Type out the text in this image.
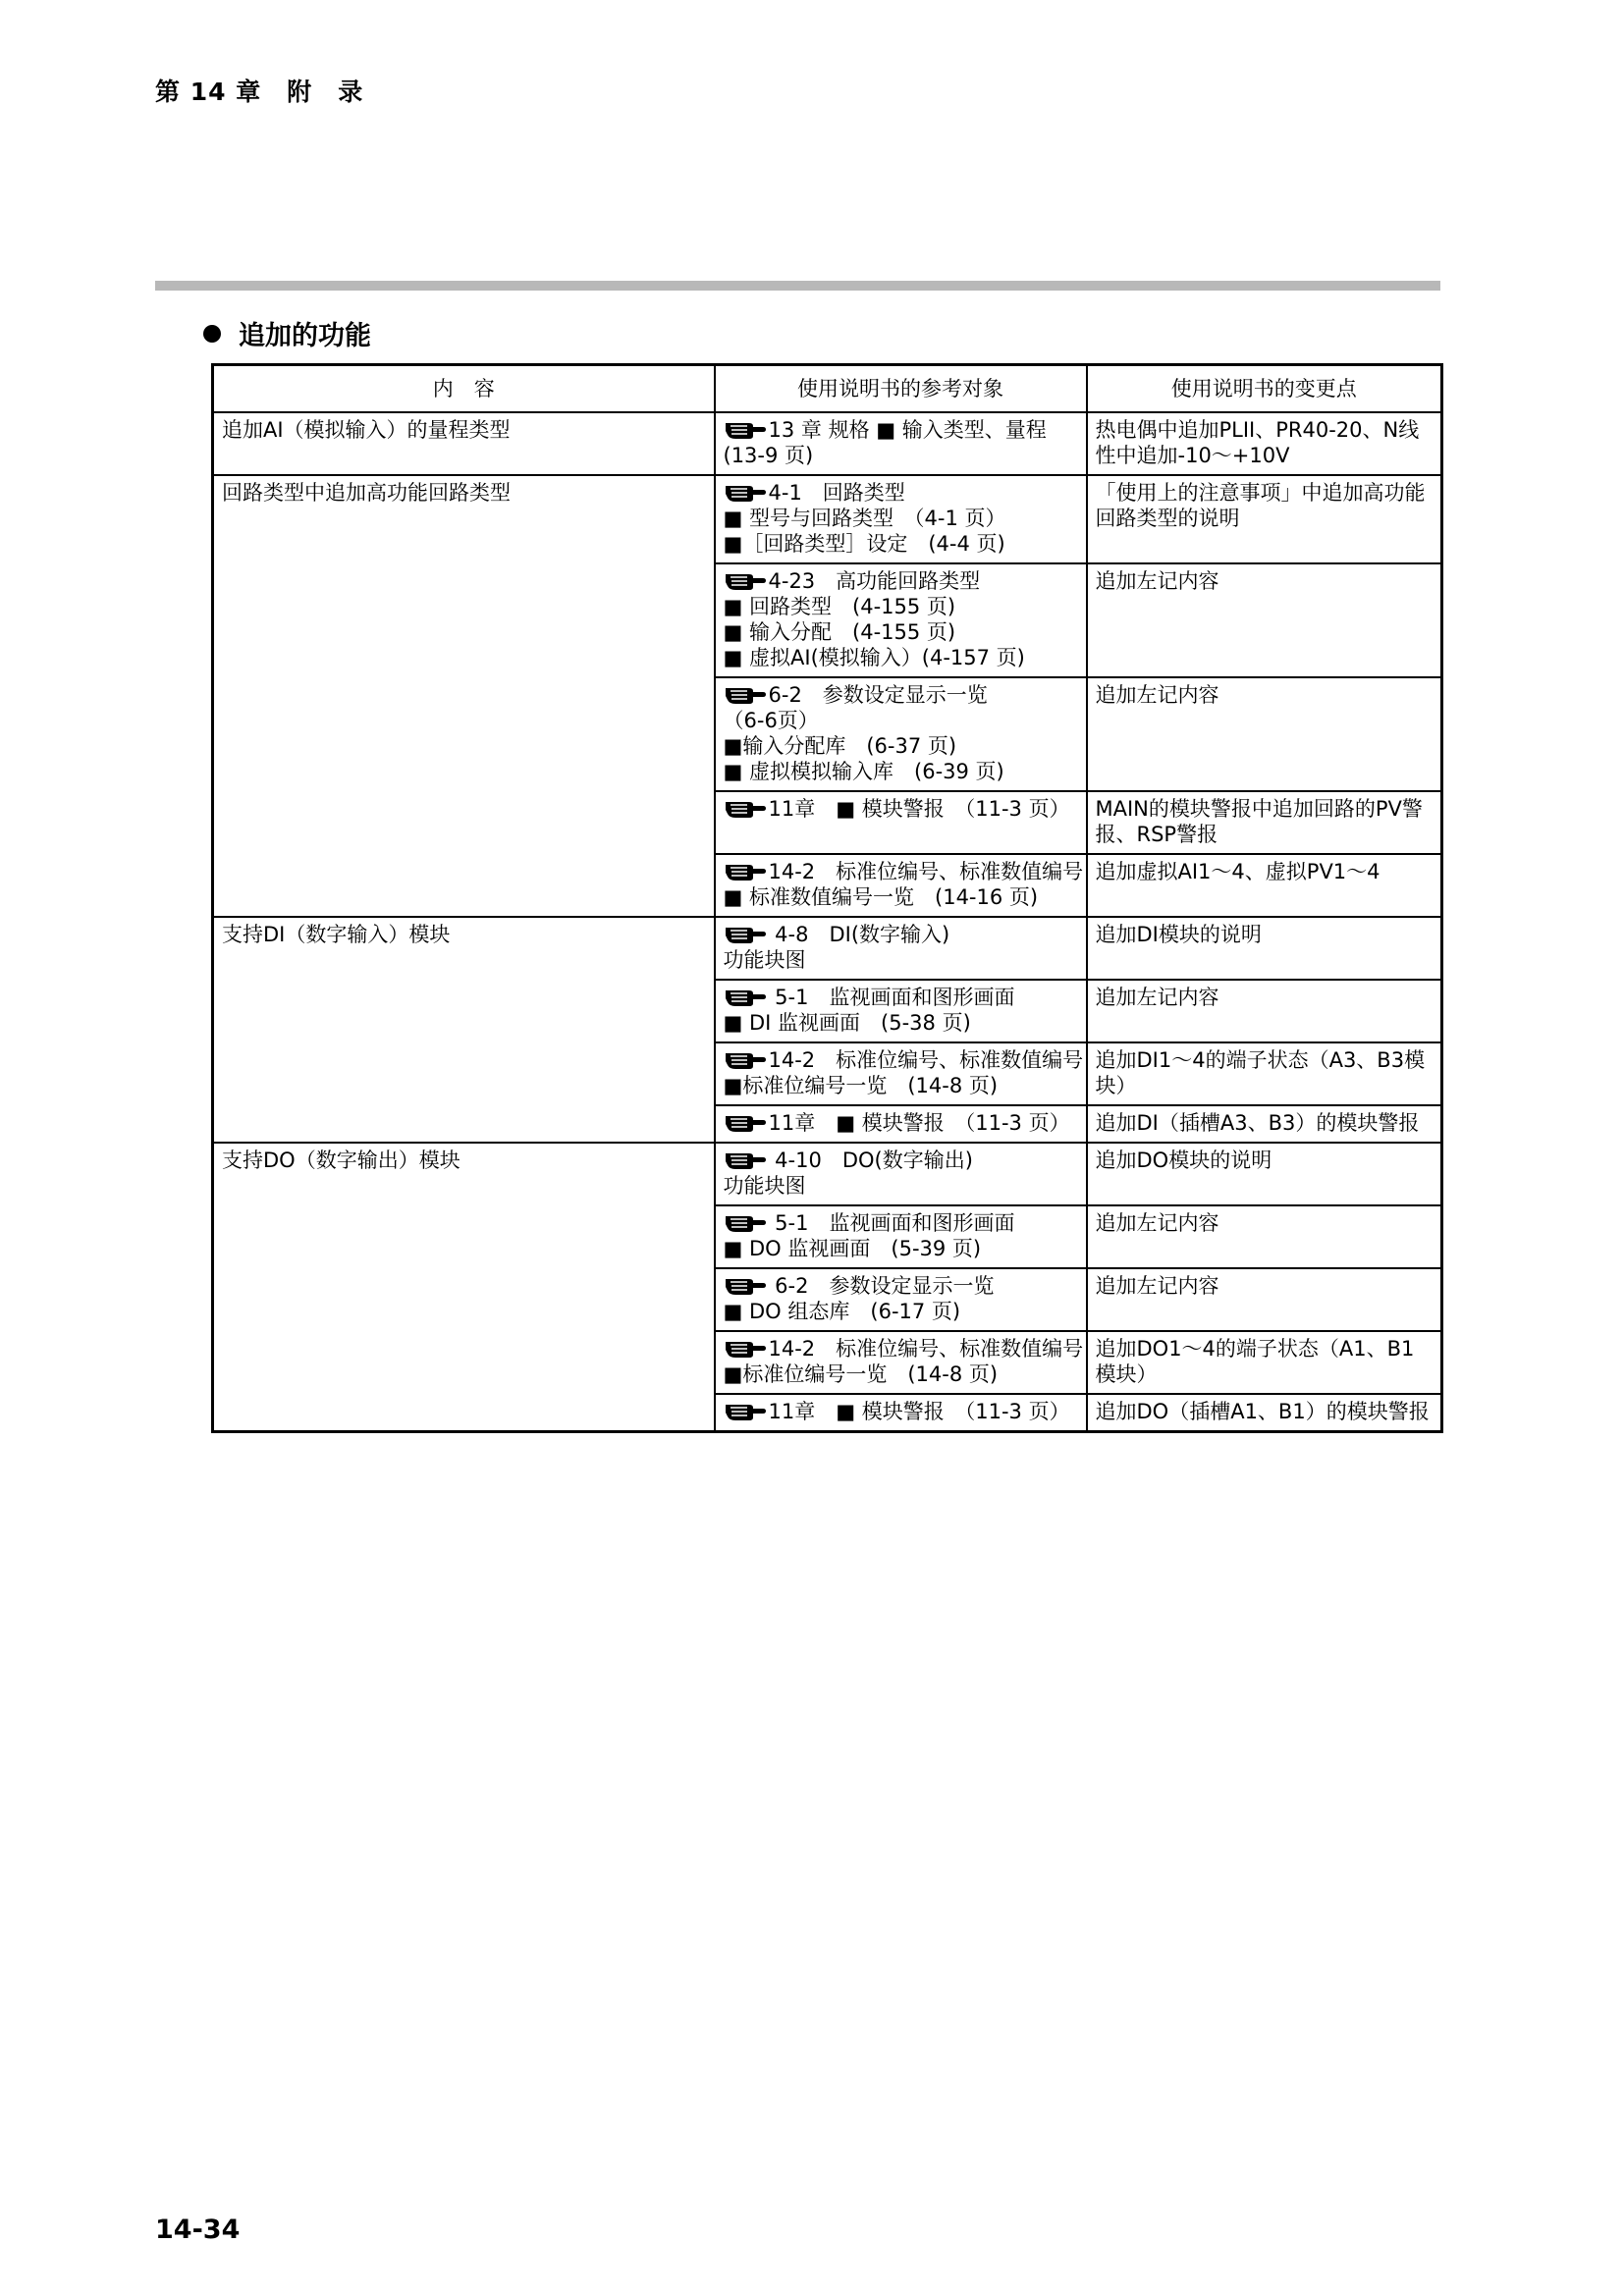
第 14 章　附　录
追加的功能
内　容	使用说明书的参考对象	使用说明书的变更点
追加AI（模拟输入）的量程类型	13 章 规格 ■ 输入类型、量程
(13-9 页)	热电偶中追加PLII、PR40-20、N线性中追加-10～+10V
回路类型中追加高功能回路类型	4-1　回路类型
■ 型号与回路类型　（4-1 页）
■［回路类型］设定　(4-4 页)	「使用上的注意事项」中追加高功能回路类型的说明

	4-23　高功能回路类型
■ 回路类型　(4-155 页)
■ 输入分配　(4-155 页)
■ 虚拟AI(模拟输入）(4-157 页)	追加左记内容

	6-2　参数设定显示一览
（6-6页）
■输入分配库　(6-37 页)
■ 虚拟模拟输入库　(6-39 页)	追加左记内容

	11章　■ 模块警报　（11-3 页）	MAIN的模块警报中追加回路的PV警报、RSP警报

	14-2　标准位编号、标准数值编号
■ 标准数值编号一览　(14-16 页)	追加虚拟AI1～4、虚拟PV1～4
支持DI（数字输入）模块	4-8　DI(数字输入)
功能块图	追加DI模块的说明

	5-1　监视画面和图形画面
■ DI 监视画面　(5-38 页)	追加左记内容

	14-2　标准位编号、标准数值编号
■标准位编号一览　(14-8 页)	追加DI1～4的端子状态（A3、B3模块）

	11章　■ 模块警报　（11-3 页）	追加DI（插槽A3、B3）的模块警报
支持DO（数字输出）模块	4-10　DO(数字输出)
功能块图	追加DO模块的说明

	5-1　监视画面和图形画面
■ DO 监视画面　(5-39 页)	追加左记内容

	6-2　参数设定显示一览
■ DO 组态库　(6-17 页)	追加左记内容

	14-2　标准位编号、标准数值编号
■标准位编号一览　(14-8 页)	追加DO1～4的端子状态（A1、B1模块）

	11章　■ 模块警报　（11-3 页）	追加DO（插槽A1、B1）的模块警报
14-34
